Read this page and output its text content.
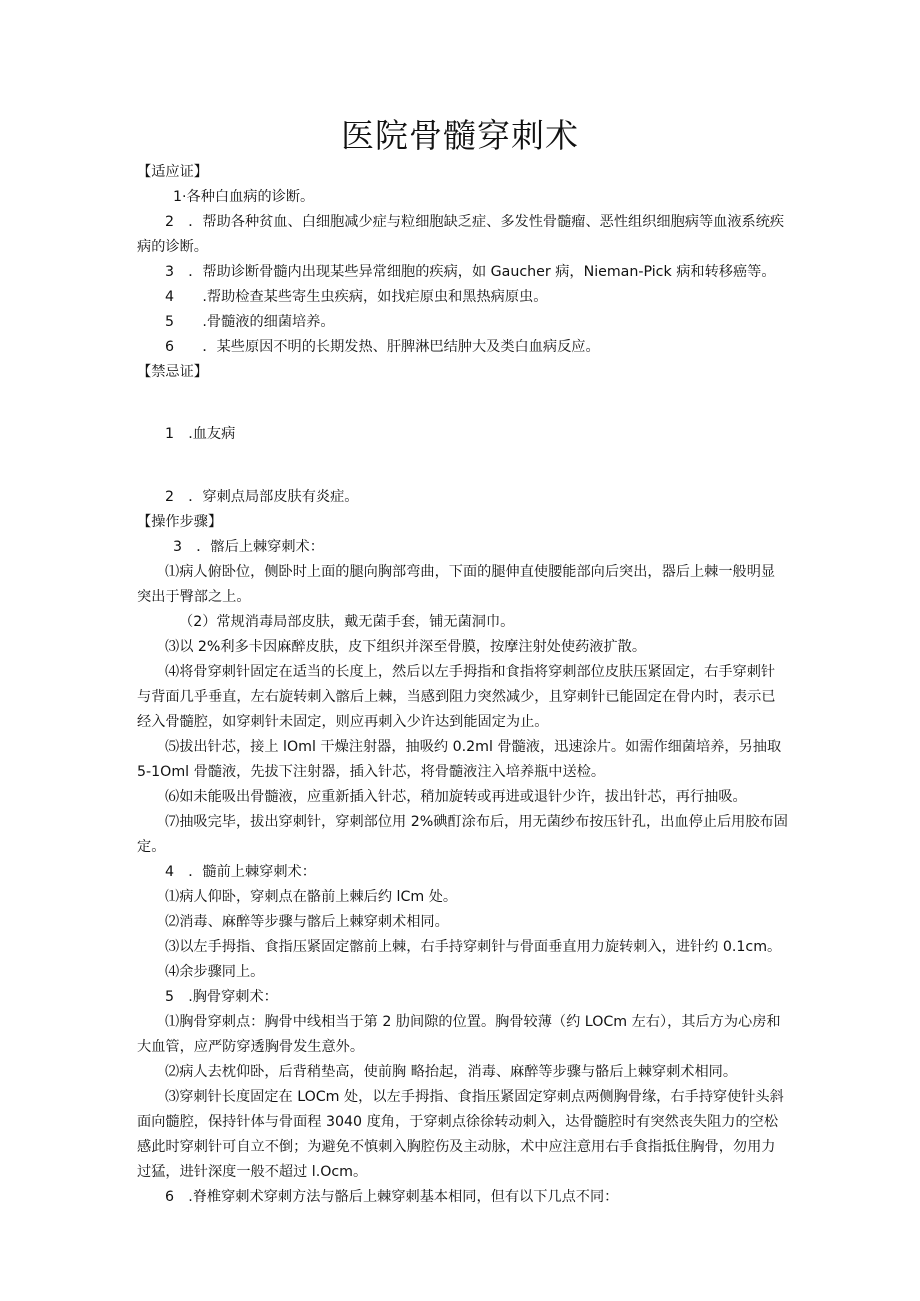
医院骨髓穿刺术

【适应证】

1·各种白血病的诊断。

2　．帮助各种贫血、白细胞减少症与粒细胞缺乏症、多发性骨髓瘤、恶性组织细胞病等血液系统疾病的诊断。

3　．帮助诊断骨髓内出现某些异常细胞的疾病，如 Gaucher 病，Nieman-Pick 病和转移癌等。

4　　.帮助检查某些寄生虫疾病，如找疟原虫和黑热病原虫。

5　　.骨髓液的细菌培养。

6　　．某些原因不明的长期发热、肝脾淋巴结肿大及类白血病反应。

【禁忌证】

1　.血友病

2　．穿刺点局部皮肤有炎症。

【操作步骤】

3　．髂后上棘穿刺术：

⑴病人俯卧位，侧卧时上面的腿向胸部弯曲，下面的腿伸直使腰能部向后突出，器后上棘一般明显突出于臀部之上。

（2）常规消毒局部皮肤，戴无菌手套，铺无菌洞巾。

⑶以 2%利多卡因麻醉皮肤，皮下组织并深至骨膜，按摩注射处使药液扩散。

⑷将骨穿刺针固定在适当的长度上，然后以左手拇指和食指将穿刺部位皮肤压紧固定，右手穿刺针与背面几乎垂直，左右旋转刺入髂后上棘，当感到阻力突然减少，且穿刺针已能固定在骨内时，表示已经入骨髓腔，如穿刺针未固定，则应再刺入少许达到能固定为止。

⑸拔出针芯，接上 lOml 干燥注射器，抽吸约 0.2ml 骨髓液，迅速涂片。如需作细菌培养，另抽取 5-1Oml 骨髓液，先拔下注射器，插入针芯，将骨髓液注入培养瓶中送检。

⑹如未能吸出骨髓液，应重新插入针芯，稍加旋转或再进或退针少许，拔出针芯，再行抽吸。

⑺抽吸完毕，拔出穿刺针，穿刺部位用 2%碘酊涂布后，用无菌纱布按压针孔，出血停止后用胶布固定。

4　．髓前上棘穿刺术：

⑴病人仰卧，穿刺点在骼前上棘后约 lCm 处。

⑵消毒、麻醉等步骤与髂后上棘穿刺术相同。

⑶以左手拇指、食指压紧固定髂前上棘，右手持穿刺针与骨面垂直用力旋转刺入，进针约 0.1cm。

⑷余步骤同上。

5　.胸骨穿刺术：

⑴胸骨穿刺点：胸骨中线相当于第 2 肋间隙的位置。胸骨较薄（约 LOCm 左右），其后方为心房和大血管，应严防穿透胸骨发生意外。

⑵病人去枕仰卧，后背稍垫高，使前胸 略抬起，消毒、麻醉等步骤与骼后上棘穿刺术相同。

⑶穿刺针长度固定在 LOCm 处，以左手拇指、食指压紧固定穿刺点两侧胸骨缘，右手持穿使针头斜面向髓腔，保持针体与骨面程 3040 度角，于穿刺点徐徐转动刺入，达骨髓腔时有突然丧失阻力的空松感此时穿刺针可自立不倒；为避免不慎刺入胸腔伤及主动脉，术中应注意用右手食指抵住胸骨，勿用力过猛，进针深度一般不超过 l.Ocm。

6　.脊椎穿刺术穿刺方法与骼后上棘穿刺基本相同，但有以下几点不同：
